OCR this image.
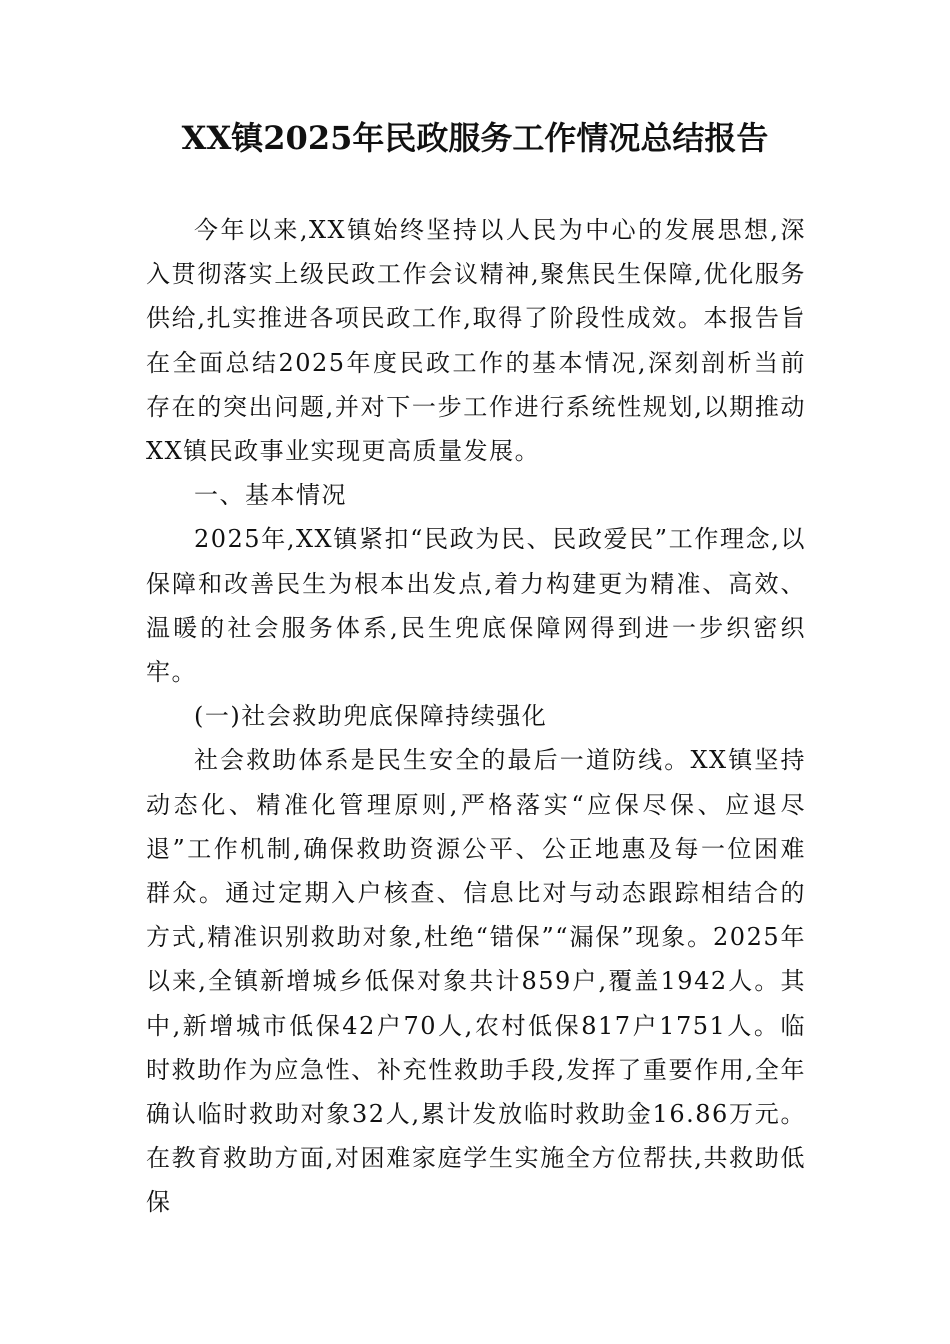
XX镇2025年民政服务工作情况总结报告

今年以来,XX镇始终坚持以人民为中心的发展思想,深入贯彻落实上级民政工作会议精神,聚焦民生保障,优化服务供给,扎实推进各项民政工作,取得了阶段性成效。本报告旨在全面总结2025年度民政工作的基本情况,深刻剖析当前存在的突出问题,并对下一步工作进行系统性规划,以期推动XX镇民政事业实现更高质量发展。

一、基本情况

2025年,XX镇紧扣“民政为民、民政爱民”工作理念,以保障和改善民生为根本出发点,着力构建更为精准、高效、温暖的社会服务体系,民生兜底保障网得到进一步织密织牢。

(一)社会救助兜底保障持续强化

社会救助体系是民生安全的最后一道防线。XX镇坚持动态化、精准化管理原则,严格落实“应保尽保、应退尽退”工作机制,确保救助资源公平、公正地惠及每一位困难群众。通过定期入户核查、信息比对与动态跟踪相结合的方式,精准识别救助对象,杜绝“错保”“漏保”现象。2025年以来,全镇新增城乡低保对象共计859户,覆盖1942人。其中,新增城市低保42户70人,农村低保817户1751人。临时救助作为应急性、补充性救助手段,发挥了重要作用,全年确认临时救助对象32人,累计发放临时救助金16.86万元。在教育救助方面,对困难家庭学生实施全方位帮扶,共救助低保
